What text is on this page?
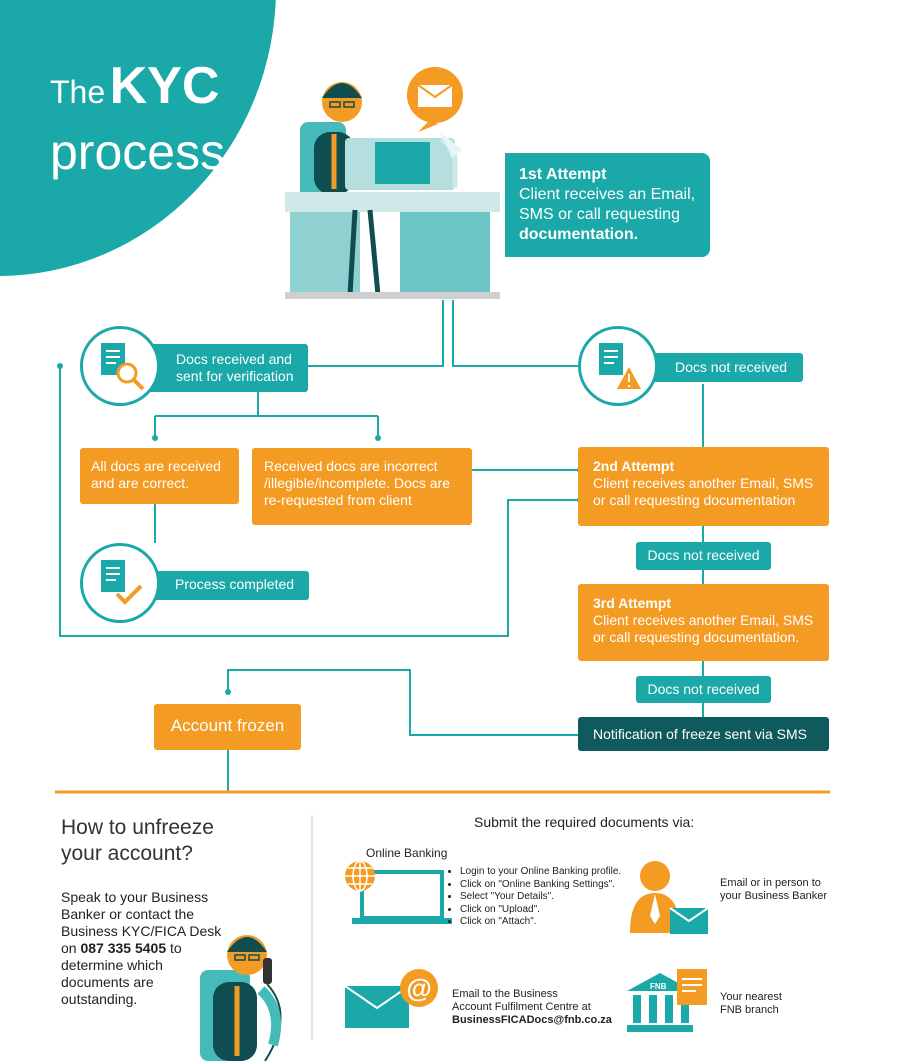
The KYC
process	1st Attempt
Client receives an Email,
SMS or call requesting
documentation.
Docs received and
sent for verification
Docs not received
All docs are received
and are correct.
Received docs are incorrect
/illegible/incomplete. Docs are
re-requested from client
2nd Attempt
Client receives another Email, SMS
or call requesting documentation
Docs not received
Process completed
3rd Attempt
Client receives another Email, SMS
or call requesting documentation.
Docs not received
Account frozen	Notification of freeze sent via SMS
How to unfreeze
your account?
Speak to your Business
Banker or contact the
Business KYC/FICA Desk
on 087 335 5405 to
determine which
documents are
outstanding.
Submit the required documents via:
Online Banking
• Login to your Online Banking profile.
• Click on "Online Banking Settings".
• Select "Your Details".
• Click on "Upload".
• Click on "Attach".
Email or in person to
your Business Banker
@ Email to the Business
Account Fulfilment Centre at
BusinessFICADocs@fnb.co.za
FNB
Your nearest
FNB branch
